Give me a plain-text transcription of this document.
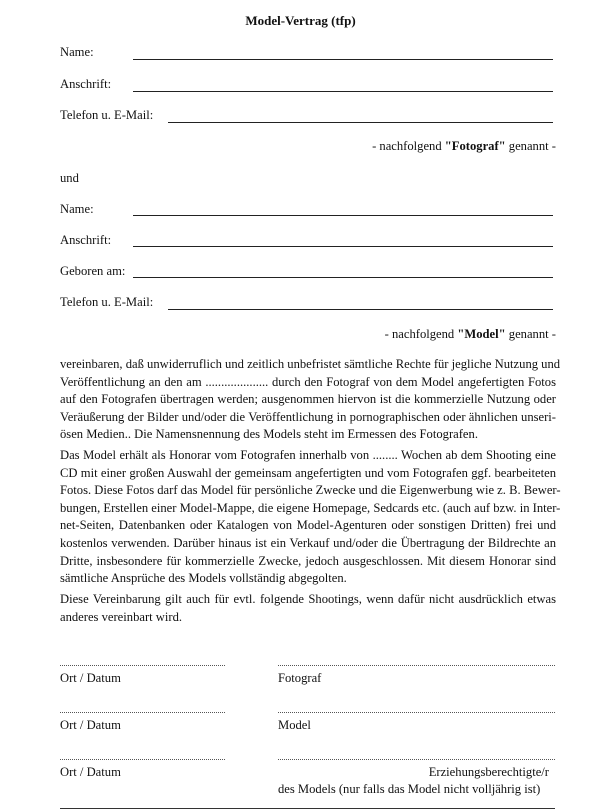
Model-Vertrag (tfp)
Name:
Anschrift:
Telefon u. E-Mail:
- nachfolgend "Fotograf" genannt -
und
Name:
Anschrift:
Geboren am:
Telefon u. E-Mail:
- nachfolgend "Model" genannt -
vereinbaren, daß unwiderruflich und zeitlich unbefristet sämtliche Rechte für jegliche Nutzung und
Veröffentlichung an den am .................... durch den Fotograf von dem Model angefertigten Fotos
auf den Fotografen übertragen werden; ausgenommen hiervon ist die kommerzielle Nutzung oder
Veräußerung der Bilder und/oder die Veröffentlichung in pornographischen oder ähnlichen unseri-
ösen Medien.. Die Namensnennung des Models steht im Ermessen des Fotografen.
Das Model erhält als Honorar vom Fotografen innerhalb von ........ Wochen ab dem Shooting eine
CD mit einer großen Auswahl der gemeinsam angefertigten und vom Fotografen ggf. bearbeiteten
Fotos. Diese Fotos darf das Model für persönliche Zwecke und die Eigenwerbung wie z. B. Bewer-
bungen, Erstellen einer Model-Mappe, die eigene Homepage, Sedcards etc. (auch auf bzw. in Inter-
net-Seiten, Datenbanken oder Katalogen von Model-Agenturen oder sonstigen Dritten) frei und
kostenlos verwenden. Darüber hinaus ist ein Verkauf und/oder die Übertragung der Bildrechte an
Dritte, insbesondere für kommerzielle Zwecke, jedoch ausgeschlossen. Mit diesem Honorar sind
sämtliche Ansprüche des Models vollständig abgegolten.
Diese Vereinbarung gilt auch für evtl. folgende Shootings, wenn dafür nicht ausdrücklich etwas
anderes vereinbart wird.
Ort / Datum	Fotograf
Ort / Datum	Model
Ort / Datum	Erziehungsberechtigte/r
des Models (nur falls das Model nicht volljährig ist)
